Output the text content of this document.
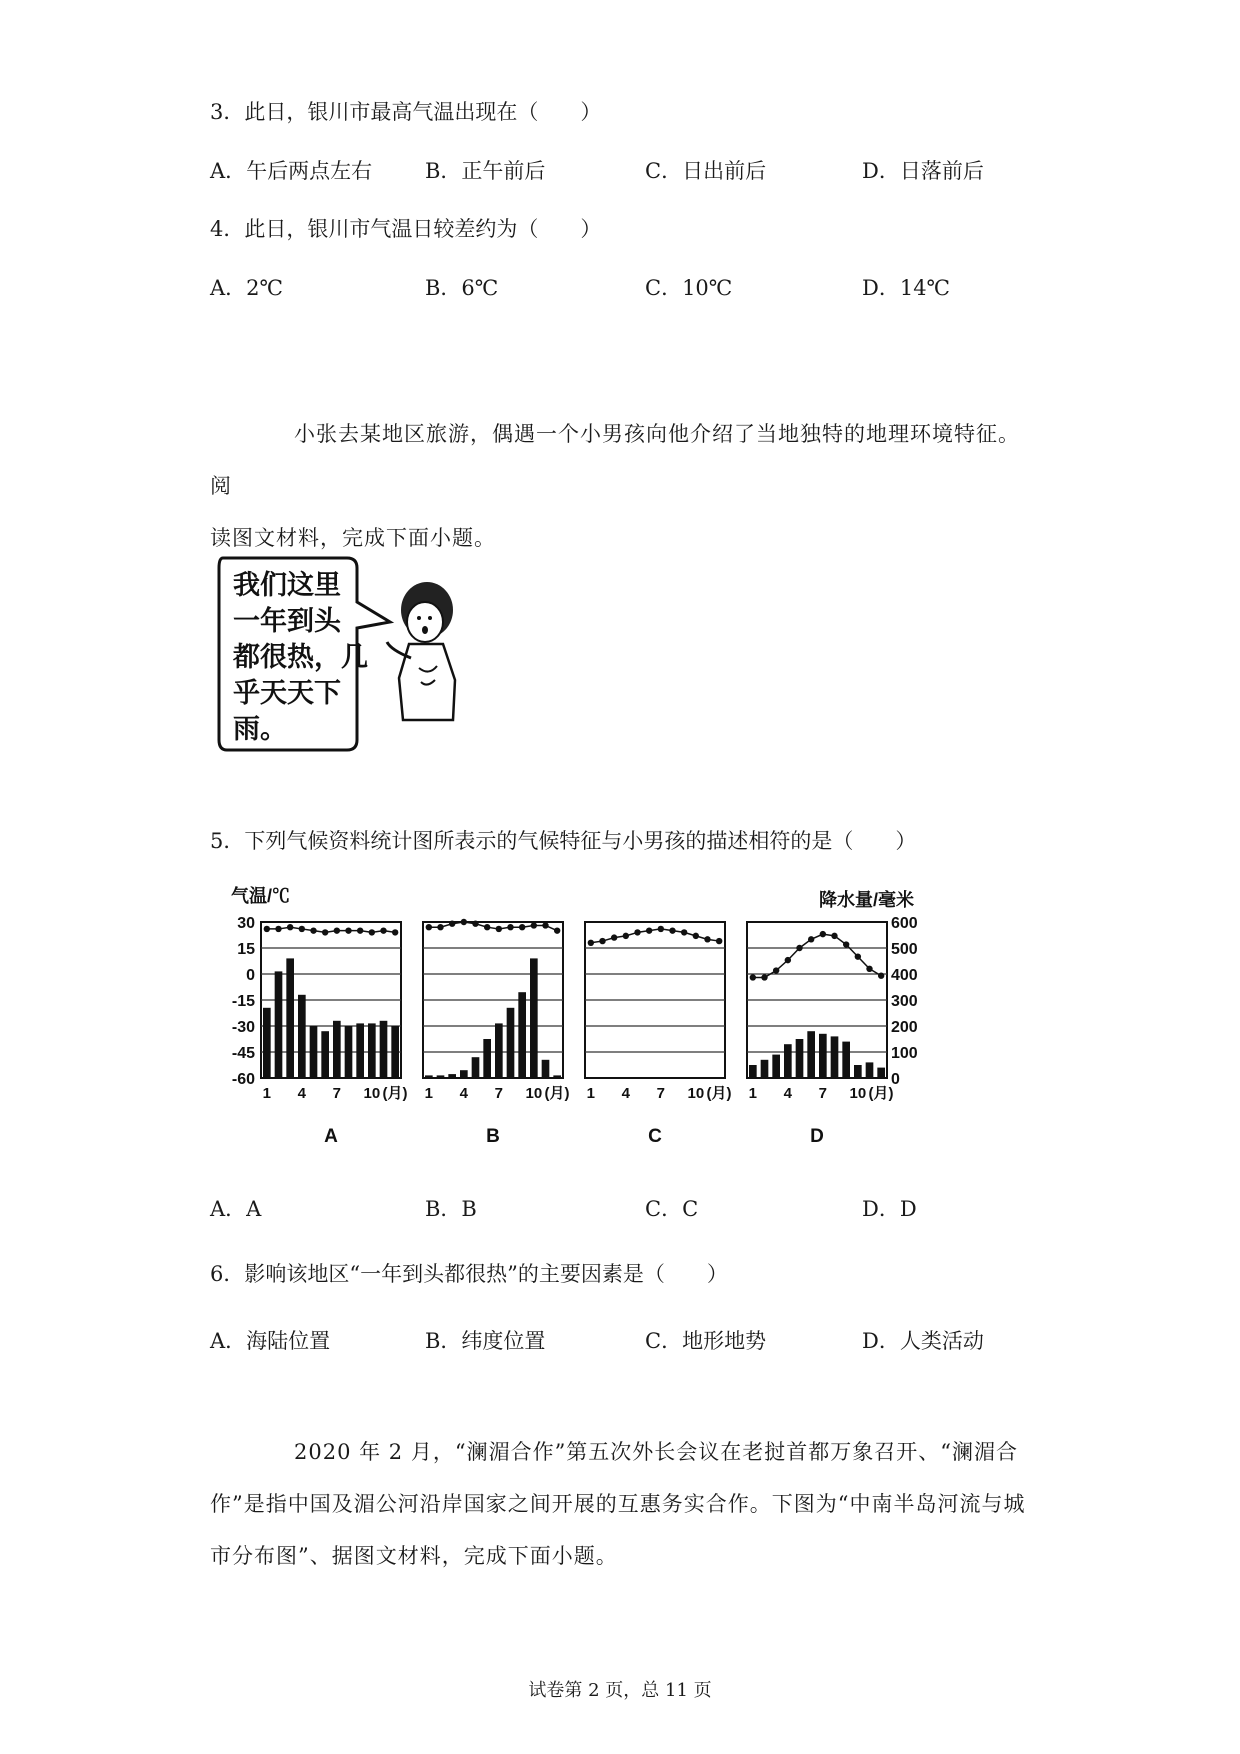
3．此日，银川市最高气温出现在（　　）
A．午后两点左右	B．正午前后	C．日出前后	D．日落前后
4．此日，银川市气温日较差约为（　　）
A．2℃	B．6℃	C．10℃	D．14℃
小张去某地区旅游，偶遇一个小男孩向他介绍了当地独特的地理环境特征。阅
读图文材料，完成下面小题。
我们这里
一年到头
都很热，几
乎天天下
雨。
5．下列气候资料统计图所表示的气候特征与小男孩的描述相符的是（　　）
气温/℃	降水量/毫米
30
15
0
-15
-30
-45
-60
600
500
400
300
200
100
0
1 4 7 10 (月)
A
1 4 7 10 (月)
B
1 4 7 10 (月)
C
1 4 7 10 (月)
D
A．A	B．B	C．C	D．D
6．影响该地区“一年到头都很热”的主要因素是（　　）
A．海陆位置	B．纬度位置	C．地形地势	D．人类活动
2020 年 2 月，“澜湄合作”第五次外长会议在老挝首都万象召开、“澜湄合
作”是指中国及湄公河沿岸国家之间开展的互惠务实合作。下图为“中南半岛河流与城
市分布图”、据图文材料，完成下面小题。
试卷第 2 页，总 11 页
